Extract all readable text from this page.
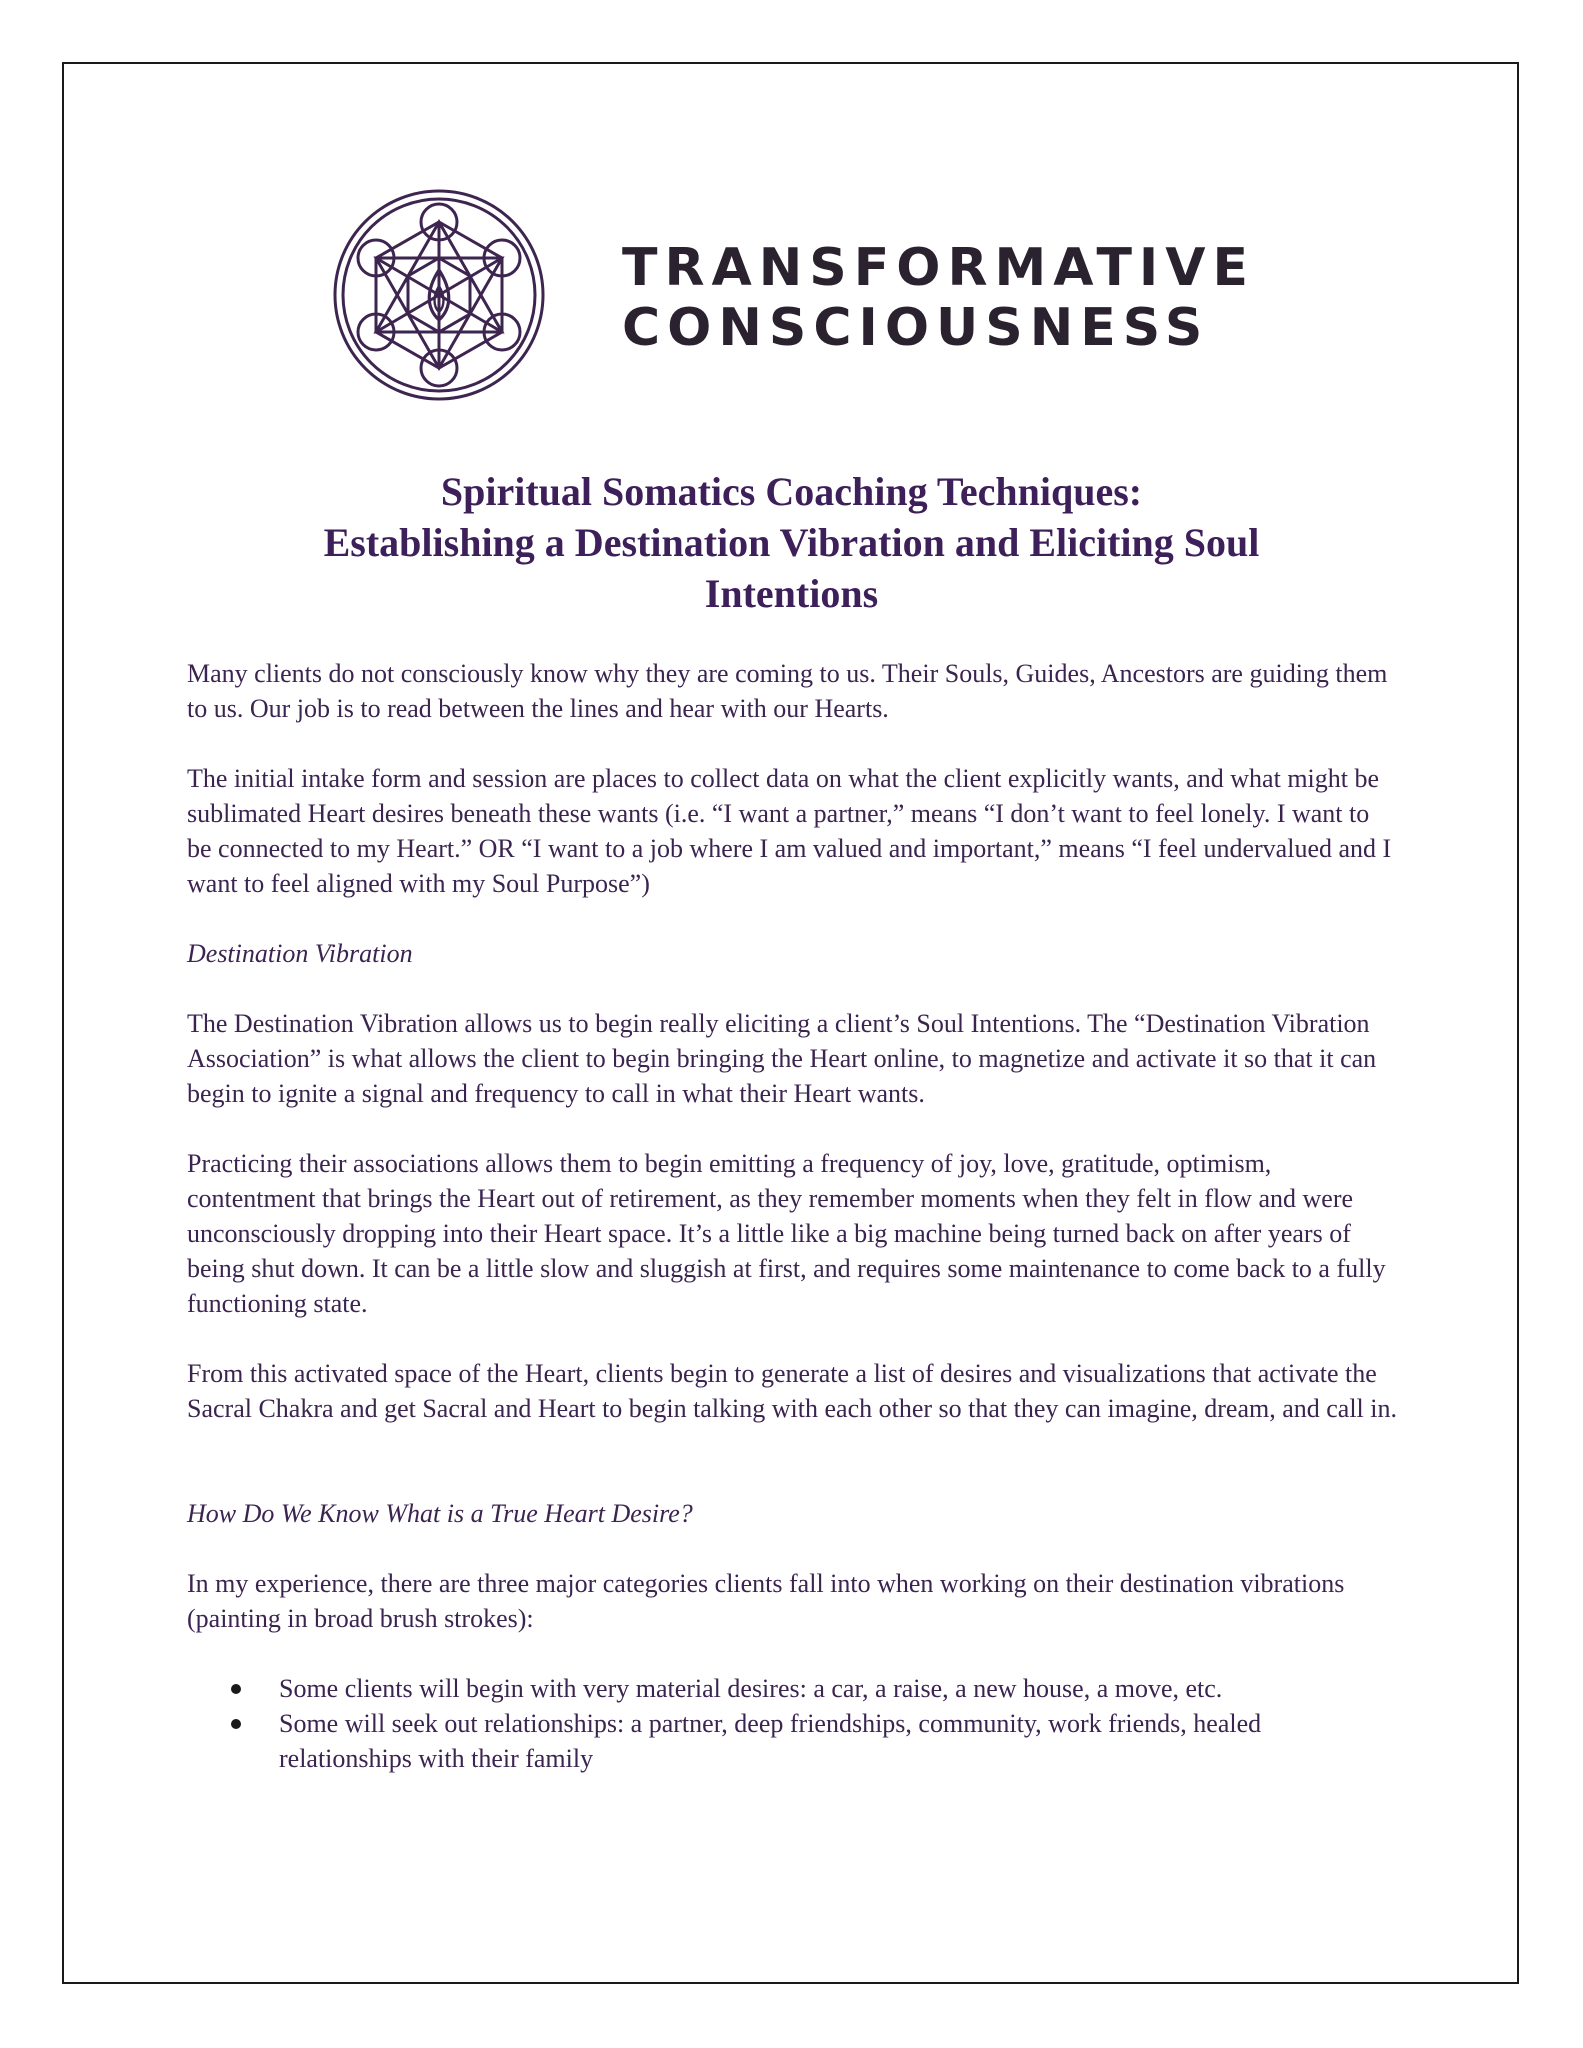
TRANSFORMATIVE
CONSCIOUSNESS
Spiritual Somatics Coaching Techniques:
Establishing a Destination Vibration and Eliciting Soul
Intentions

Many clients do not consciously know why they are coming to us. Their Souls, Guides, Ancestors are guiding them to us. Our job is to read between the lines and hear with our Hearts.

The initial intake form and session are places to collect data on what the client explicitly wants, and what might be sublimated Heart desires beneath these wants (i.e. “I want a partner,” means “I don’t want to feel lonely. I want to be connected to my Heart.” OR “I want to a job where I am valued and important,” means “I feel undervalued and I want to feel aligned with my Soul Purpose”)

Destination Vibration

The Destination Vibration allows us to begin really eliciting a client’s Soul Intentions. The “Destination Vibration Association” is what allows the client to begin bringing the Heart online, to magnetize and activate it so that it can begin to ignite a signal and frequency to call in what their Heart wants.

Practicing their associations allows them to begin emitting a frequency of joy, love, gratitude, optimism, contentment that brings the Heart out of retirement, as they remember moments when they felt in flow and were unconsciously dropping into their Heart space. It’s a little like a big machine being turned back on after years of being shut down. It can be a little slow and sluggish at first, and requires some maintenance to come back to a fully functioning state.

From this activated space of the Heart, clients begin to generate a list of desires and visualizations that activate the Sacral Chakra and get Sacral and Heart to begin talking with each other so that they can imagine, dream, and call in.

How Do We Know What is a True Heart Desire?

In my experience, there are three major categories clients fall into when working on their destination vibrations (painting in broad brush strokes):

Some clients will begin with very material desires: a car, a raise, a new house, a move, etc.
Some will seek out relationships: a partner, deep friendships, community, work friends, healed relationships with their family
